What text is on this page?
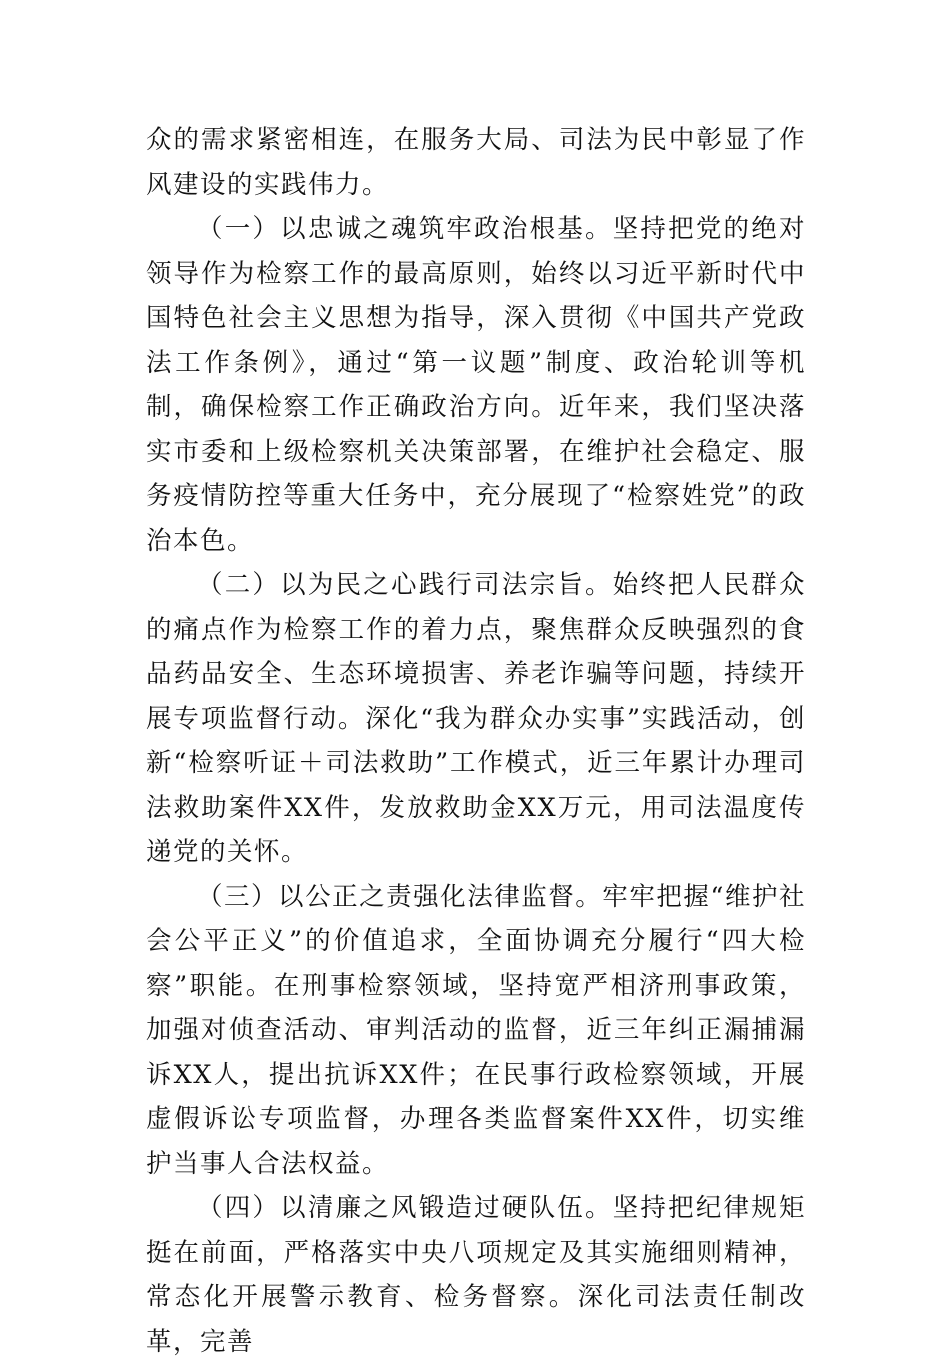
众的需求紧密相连，在服务大局、司法为民中彰显了作风建设的实践伟力。

（一）以忠诚之魂筑牢政治根基。坚持把党的绝对领导作为检察工作的最高原则，始终以习近平新时代中国特色社会主义思想为指导，深入贯彻《中国共产党政法工作条例》，通过“第一议题”制度、政治轮训等机制，确保检察工作正确政治方向。近年来，我们坚决落实市委和上级检察机关决策部署，在维护社会稳定、服务疫情防控等重大任务中，充分展现了“检察姓党”的政治本色。

（二）以为民之心践行司法宗旨。始终把人民群众的痛点作为检察工作的着力点，聚焦群众反映强烈的食品药品安全、生态环境损害、养老诈骗等问题，持续开展专项监督行动。深化“我为群众办实事”实践活动，创新“检察听证＋司法救助”工作模式，近三年累计办理司法救助案件XX件，发放救助金XX万元，用司法温度传递党的关怀。

（三）以公正之责强化法律监督。牢牢把握“维护社会公平正义”的价值追求，全面协调充分履行“四大检察”职能。在刑事检察领域，坚持宽严相济刑事政策，加强对侦查活动、审判活动的监督，近三年纠正漏捕漏诉XX人，提出抗诉XX件；在民事行政检察领域，开展虚假诉讼专项监督，办理各类监督案件XX件，切实维护当事人合法权益。

（四）以清廉之风锻造过硬队伍。坚持把纪律规矩挺在前面，严格落实中央八项规定及其实施细则精神，常态化开展警示教育、检务督察。深化司法责任制改革，完善
